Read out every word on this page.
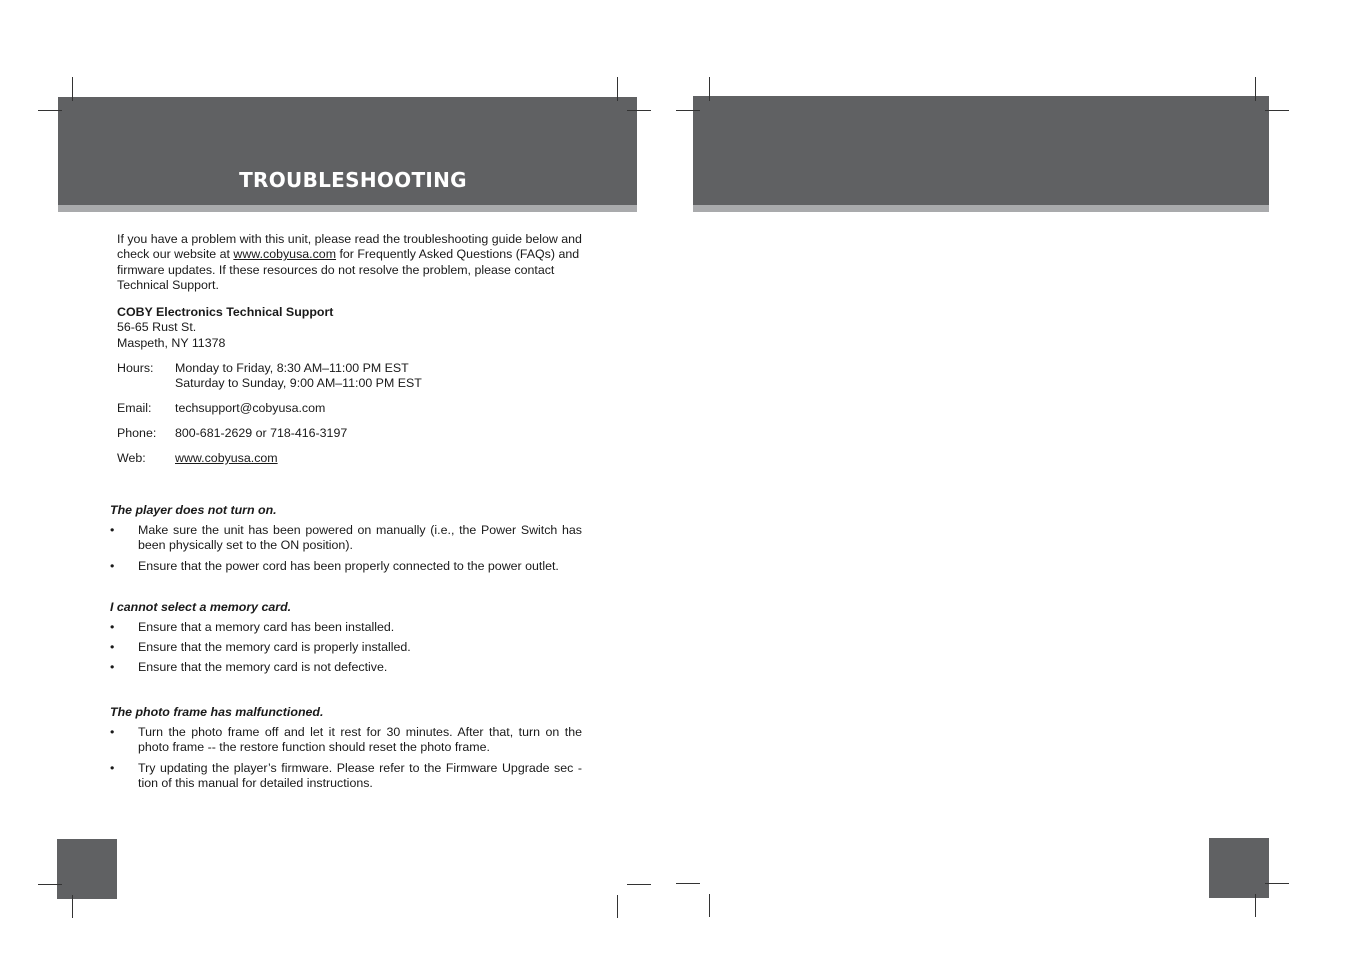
TROUBLESHOOTING
If you have a problem with this unit, please read the troubleshooting guide below and check our website at www.cobyusa.com for Frequently Asked Questions (FAQs) and firmware updates. If these resources do not resolve the problem, please contact Technical Support.
COBY Electronics Technical Support
56-65 Rust St.
Maspeth, NY 11378
Hours:	Monday to Friday, 8:30 AM–11:00 PM EST
Saturday to Sunday, 9:00 AM–11:00 PM EST
Email:	techsupport@cobyusa.com
Phone:	800-681-2629 or 718-416-3197
Web:	www.cobyusa.com
The player does not turn on.
• Make sure the unit has been powered on manually (i.e., the Power Switch has been physically set to the ON position).
• Ensure that the power cord has been properly connected to the power outlet.
I cannot select a memory card.
• Ensure that a memory card has been installed.
• Ensure that the memory card is properly installed.
• Ensure that the memory card is not defective.
The photo frame has malfunctioned.
• Turn the photo frame off and let it rest for 30 minutes. After that, turn on the photo frame -- the restore function should reset the photo frame.
• Try updating the player’s firmware. Please refer to the Firmware Upgrade sec - tion of this manual for detailed instructions.
